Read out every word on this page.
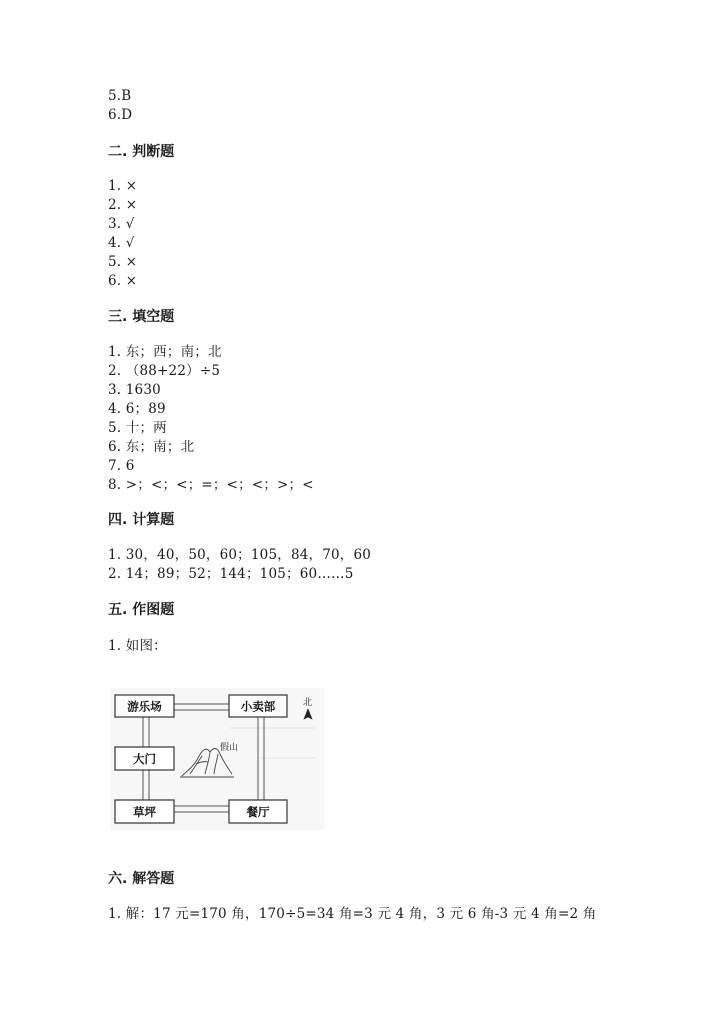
5.B
6.D
二. 判断题
1. ×
2. ×
3. √
4. √
5. ×
6. ×
三. 填空题
1. 东；西；南；北
2. （88+22）÷5
3. 1630
4. 6；89
5. 十；两
6. 东；南；北
7. 6
8. >；<；<；=；<；<；>；<
四. 计算题
1. 30，40，50，60；105，84，70，60
2. 14；89；52；144；105；60……5
五. 作图题
1. 如图：
游乐场	小卖部
大门
草坪	餐厅
假山
北
六. 解答题
1. 解：17 元=170 角，170÷5=34 角=3 元 4 角，3 元 6 角-3 元 4 角=2 角
